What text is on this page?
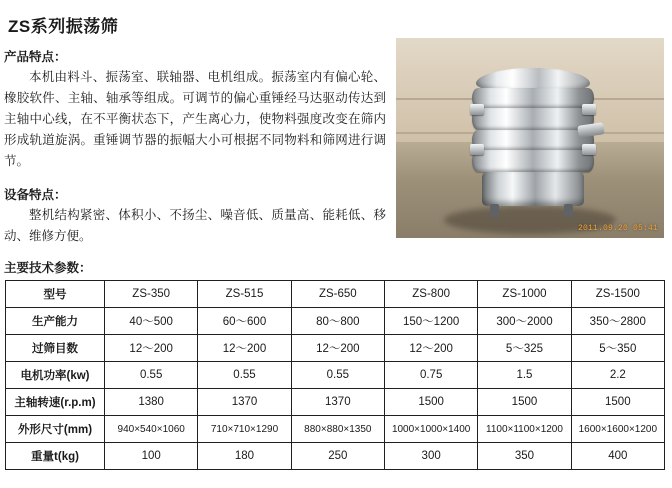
ZS系列振荡筛
产品特点：
本机由料斗、振荡室、联轴器、电机组成。振荡室内有偏心轮、橡胶软件、主轴、轴承等组成。可调节的偏心重锤经马达驱动传达到主轴中心线，在不平衡状态下，产生离心力，使物料强度改变在筛内形成轨道旋涡。重锤调节器的振幅大小可根据不同物料和筛网进行调节。
设备特点：
整机结构紧密、体积小、不扬尘、噪音低、质量高、能耗低、移动、维修方便。
主要技术参数：
2011.09.20 05:41
型号	ZS-350	ZS-515	ZS-650	ZS-800	ZS-1000	ZS-1500
生产能力	40～500	60～600	80～800	150～1200	300～2000	350～2800
过筛目数	12～200	12～200	12～200	12～200	5～325	5～350
电机功率(kw)	0.55	0.55	0.55	0.75	1.5	2.2
主轴转速(r.p.m)	1380	1370	1370	1500	1500	1500
外形尺寸(mm)	940×540×1060	710×710×1290	880×880×1350	1000×1000×1400	1100×1100×1200	1600×1600×1200
重量t(kg)	100	180	250	300	350	400
